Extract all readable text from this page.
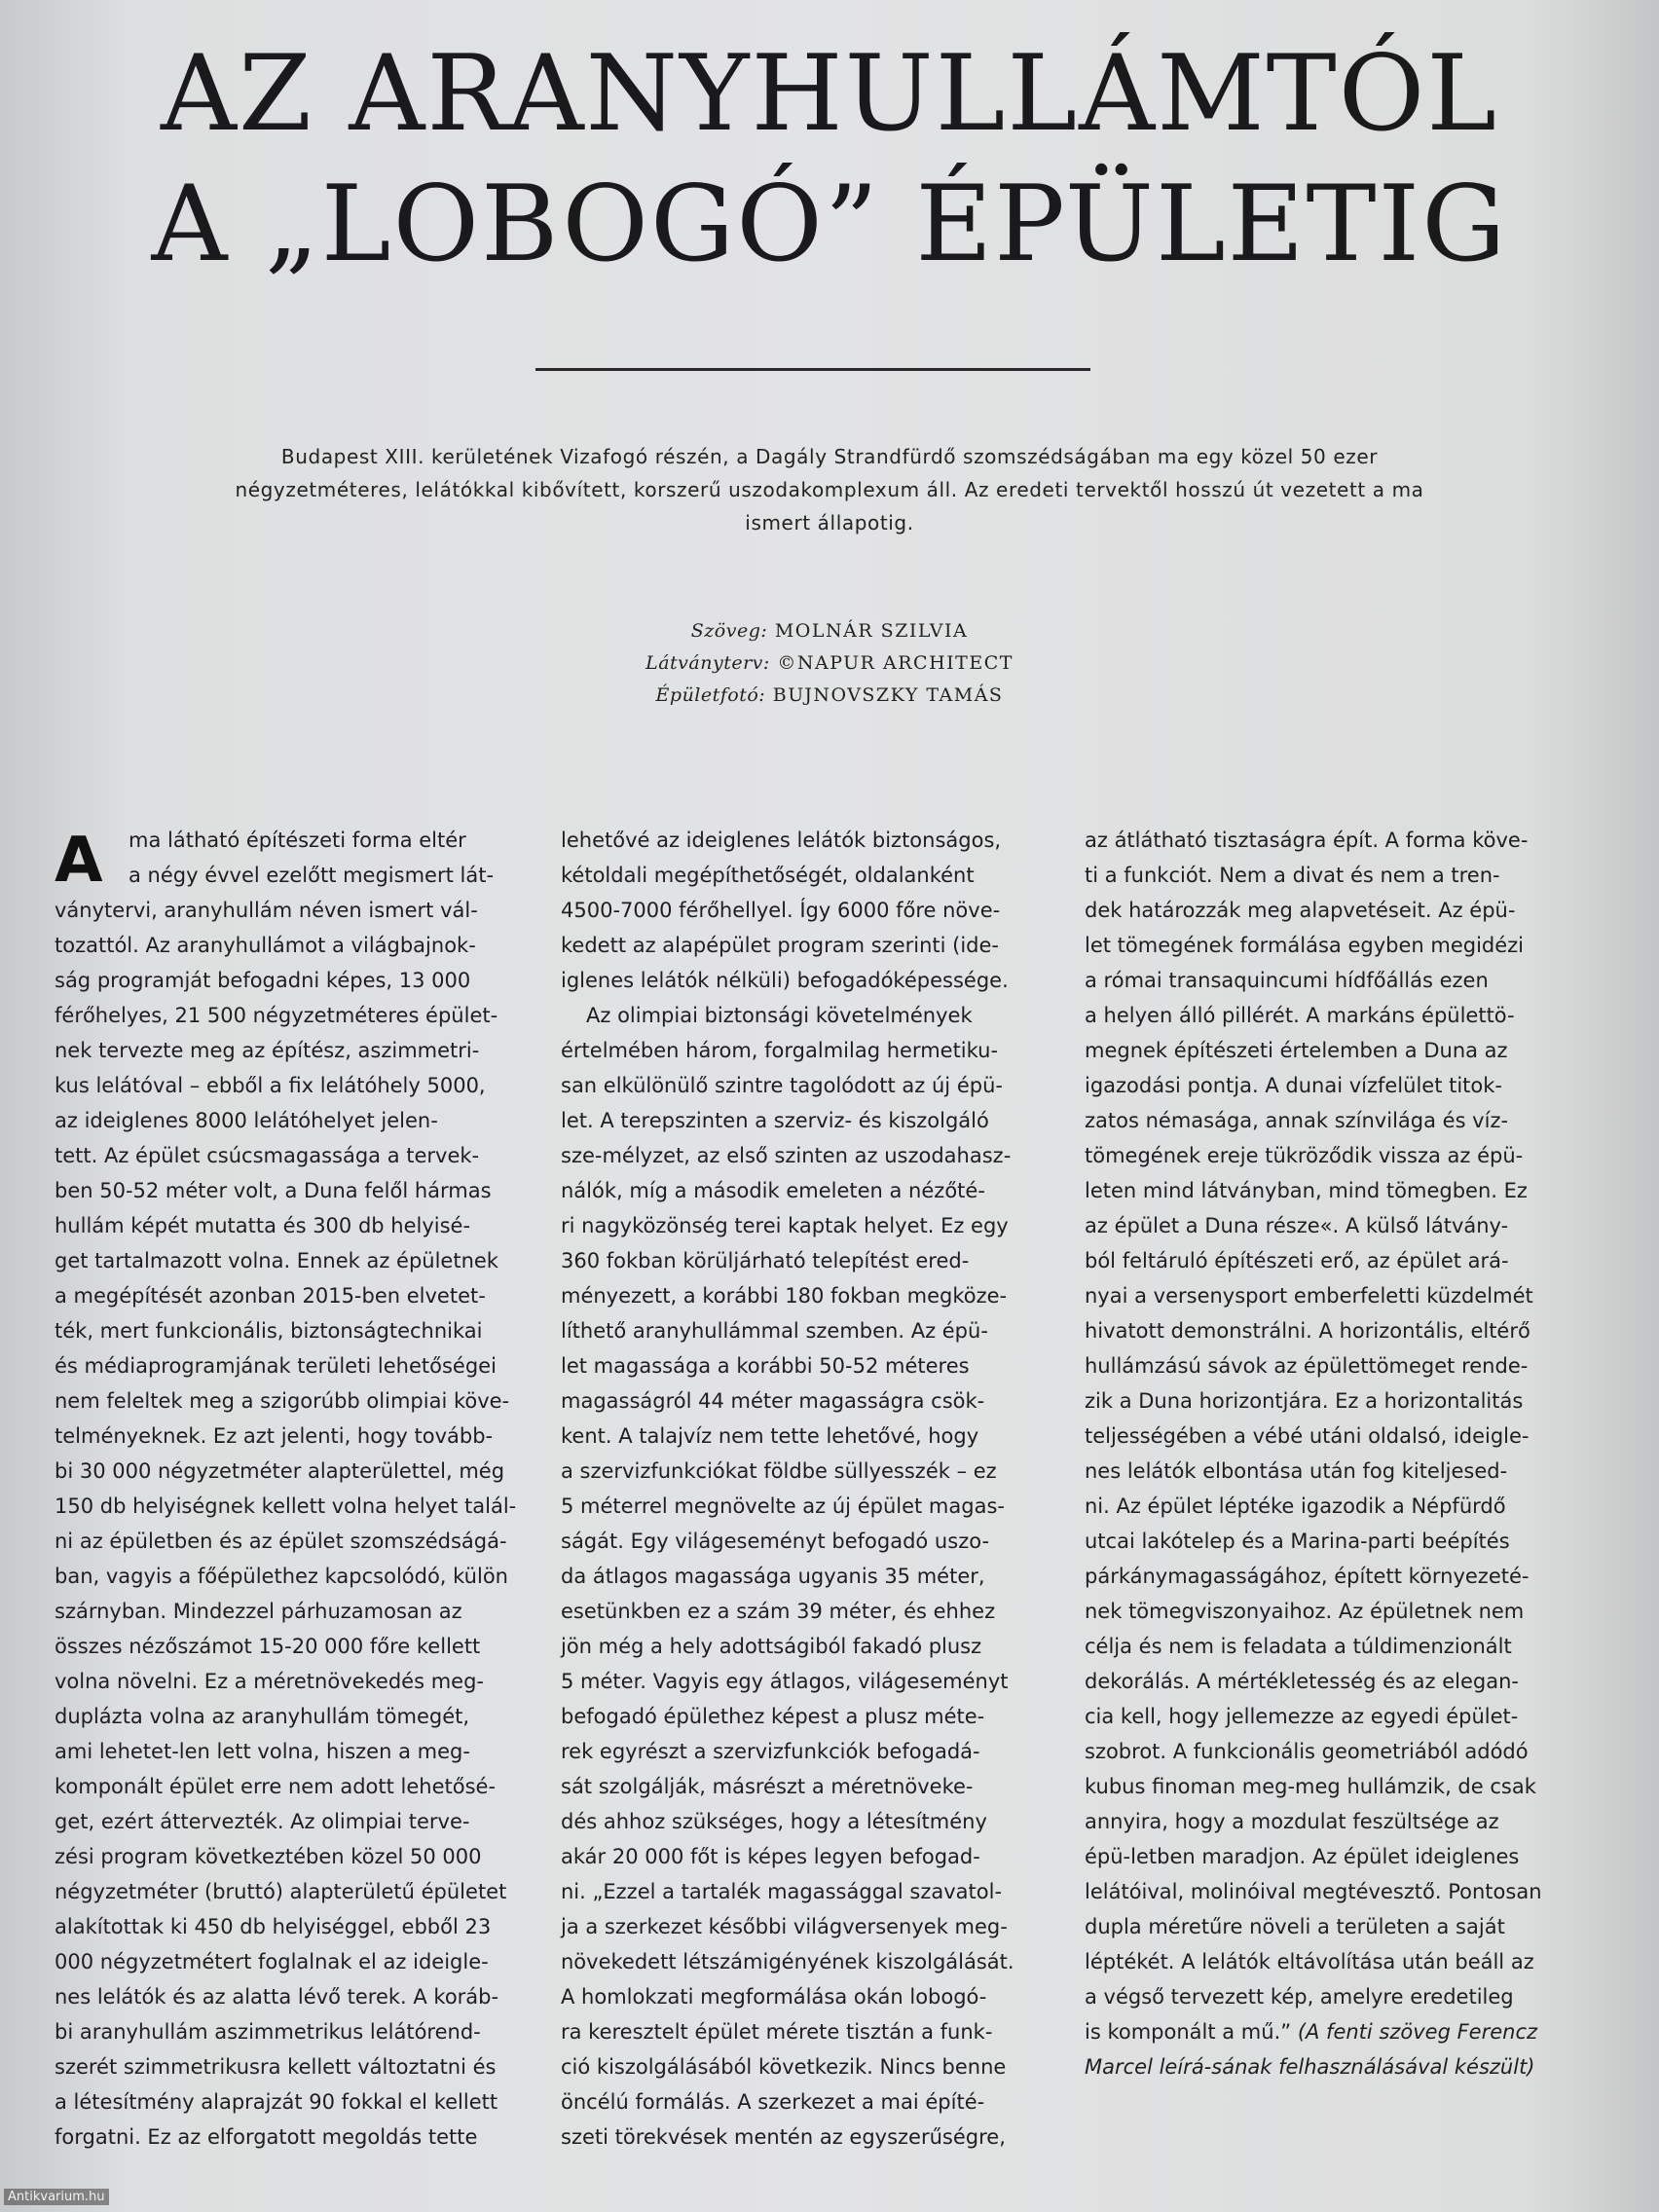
AZ ARANYHULLÁMTÓL
A „LOBOGÓ” ÉPÜLETIG

Budapest XIII. kerületének Vizafogó részén, a Dagály Strandfürdő szomszédságában ma egy közel 50 ezer
négyzetméteres, lelátókkal kibővített, korszerű uszodakomplexum áll. Az eredeti tervektől hosszú út vezetett a ma
ismert állapotig.

Szöveg: MOLNÁR SZILVIA
Látványterv: ©NAPUR ARCHITECT
Épületfotó: BUJNOVSZKY TAMÁS
A	ma látható építészeti forma eltér
a négy évvel ezelőtt megismert lát-
ványtervi, aranyhullám néven ismert vál-
tozattól. Az aranyhullámot a világbajnok-
ság programját befogadni képes, 13 000
férőhelyes, 21 500 négyzetméteres épület-
nek tervezte meg az építész, aszimmetri-
kus lelátóval – ebből a fix lelátóhely 5000,
az ideiglenes 8000 lelátóhelyet jelen-
tett. Az épület csúcsmagassága a tervek-
ben 50-52 méter volt, a Duna felől hármas
hullám képét mutatta és 300 db helyisé-
get tartalmazott volna. Ennek az épületnek
a megépítését azonban 2015-ben elvetet-
ték, mert funkcionális, biztonságtechnikai
és médiaprogramjának területi lehetőségei
nem feleltek meg a szigorúbb olimpiai köve-
telményeknek. Ez azt jelenti, hogy tovább-
bi 30 000 négyzetméter alapterülettel, még
150 db helyiségnek kellett volna helyet talál-
ni az épületben és az épület szomszédságá-
ban, vagyis a főépülethez kapcsolódó, külön
szárnyban. Mindezzel párhuzamosan az
összes nézőszámot 15-20 000 főre kellett
volna növelni. Ez a méretnövekedés meg-
duplázta volna az aranyhullám tömegét,
ami lehetet-len lett volna, hiszen a meg-
komponált épület erre nem adott lehetősé-
get, ezért áttervezték. Az olimpiai terve-
zési program következtében közel 50 000
négyzetméter (bruttó) alapterületű épületet
alakítottak ki 450 db helyiséggel, ebből 23
000 négyzetmétert foglalnak el az ideigle-
nes lelátók és az alatta lévő terek. A koráb-
bi aranyhullám aszimmetrikus lelátórend-
szerét szimmetrikusra kellett változtatni és
a létesítmény alaprajzát 90 fokkal el kellett
forgatni. Ez az elforgatott megoldás tette
lehetővé az ideiglenes lelátók biztonságos,
kétoldali megépíthetőségét, oldalanként
4500-7000 férőhellyel. Így 6000 főre növe-
kedett az alapépület program szerinti (ide-
iglenes lelátók nélküli) befogadóképessége.
Az olimpiai biztonsági követelmények
értelmében három, forgalmilag hermetiku-
san elkülönülő szintre tagolódott az új épü-
let. A terepszinten a szerviz- és kiszolgáló
sze-mélyzet, az első szinten az uszodahasz-
nálók, míg a második emeleten a nézőté-
ri nagyközönség terei kaptak helyet. Ez egy
360 fokban körüljárható telepítést ered-
ményezett, a korábbi 180 fokban megköze-
líthető aranyhullámmal szemben. Az épü-
let magassága a korábbi 50-52 méteres
magasságról 44 méter magasságra csök-
kent. A talajvíz nem tette lehetővé, hogy
a szervizfunkciókat földbe süllyesszék – ez
5 méterrel megnövelte az új épület magas-
ságát. Egy világeseményt befogadó uszo-
da átlagos magassága ugyanis 35 méter,
esetünkben ez a szám 39 méter, és ehhez
jön még a hely adottságiból fakadó plusz
5 méter. Vagyis egy átlagos, világeseményt
befogadó épülethez képest a plusz méte-
rek egyrészt a szervizfunkciók befogadá-
sát szolgálják, másrészt a méretnöveke-
dés ahhoz szükséges, hogy a létesítmény
akár 20 000 főt is képes legyen befogad-
ni. „Ezzel a tartalék magassággal szavatol-
ja a szerkezet későbbi világversenyek meg-
növekedett létszámigényének kiszolgálását.
A homlokzati megformálása okán lobogó-
ra keresztelt épület mérete tisztán a funk-
ció kiszolgálásából következik. Nincs benne
öncélú formálás. A szerkezet a mai építé-
szeti törekvések mentén az egyszerűségre,
az átlátható tisztaságra épít. A forma köve-
ti a funkciót. Nem a divat és nem a tren-
dek határozzák meg alapvetéseit. Az épü-
let tömegének formálása egyben megidézi
a római transaquincumi hídfőállás ezen
a helyen álló pillérét. A markáns épülettö-
megnek építészeti értelemben a Duna az
igazodási pontja. A dunai vízfelület titok-
zatos némasága, annak színvilága és víz-
tömegének ereje tükröződik vissza az épü-
leten mind látványban, mind tömegben. Ez
az épület a Duna része«. A külső látvány-
ból feltáruló építészeti erő, az épület ará-
nyai a versenysport emberfeletti küzdelmét
hivatott demonstrálni. A horizontális, eltérő
hullámzású sávok az épülettömeget rende-
zik a Duna horizontjára. Ez a horizontalitás
teljességében a vébé utáni oldalsó, ideigle-
nes lelátók elbontása után fog kiteljesed-
ni. Az épület léptéke igazodik a Népfürdő
utcai lakótelep és a Marina-parti beépítés
párkánymagasságához, épített környezeté-
nek tömegviszonyaihoz. Az épületnek nem
célja és nem is feladata a túldimenzionált
dekorálás. A mértékletesség és az elegan-
cia kell, hogy jellemezze az egyedi épület-
szobrot. A funkcionális geometriából adódó
kubus finoman meg-meg hullámzik, de csak
annyira, hogy a mozdulat feszültsége az
épü-letben maradjon. Az épület ideiglenes
lelátóival, molinóival megtévesztő. Pontosan
dupla méretűre növeli a területen a saját
léptékét. A lelátók eltávolítása után beáll az
a végső tervezett kép, amelyre eredetileg
is komponált a mű.” (A fenti szöveg Ferencz
Marcel leírá-sának felhasználásával készült)
Antikvarium.hu
